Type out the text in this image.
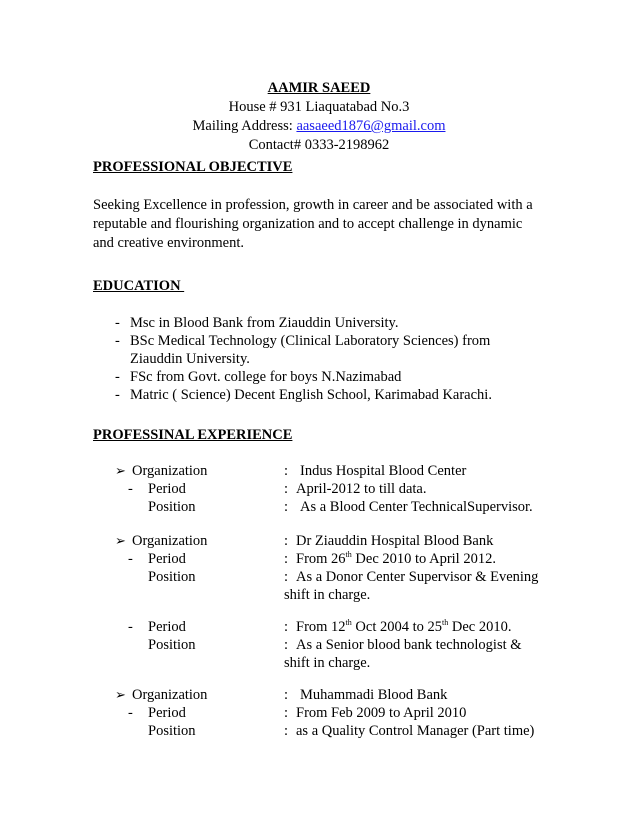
AAMIR SAEED
House # 931 Liaquatabad No.3
Mailing Address: aasaeed1876@gmail.com
Contact# 0333-2198962
PROFESSIONAL OBJECTIVE
Seeking Excellence in profession, growth in career and be associated with a
reputable and flourishing organization and to accept challenge in dynamic
and creative environment.
EDUCATION
- Msc in Blood Bank from Ziauddin University.
- BSc Medical Technology (Clinical Laboratory Sciences) from
Ziauddin University.
- FSc from Govt. college for boys N.Nazimabad
- Matric ( Science) Decent English School, Karimabad Karachi.
PROFESSINAL EXPERIENCE
➢ Organization	: Indus Hospital Blood Center
- Period	: April-2012 to till data.
Position	: As a Blood Center TechnicalSupervisor.
➢ Organization	: Dr Ziauddin Hospital Blood Bank
- Period	: From 26th Dec 2010 to April 2012.
Position	: As a Donor Center Supervisor & Evening
shift in charge.
- Period	: From 12th Oct 2004 to 25th Dec 2010.
Position	: As a Senior blood bank technologist &
shift in charge.
➢ Organization	: Muhammadi Blood Bank
- Period	: From Feb 2009 to April 2010
Position	: as a Quality Control Manager (Part time)
